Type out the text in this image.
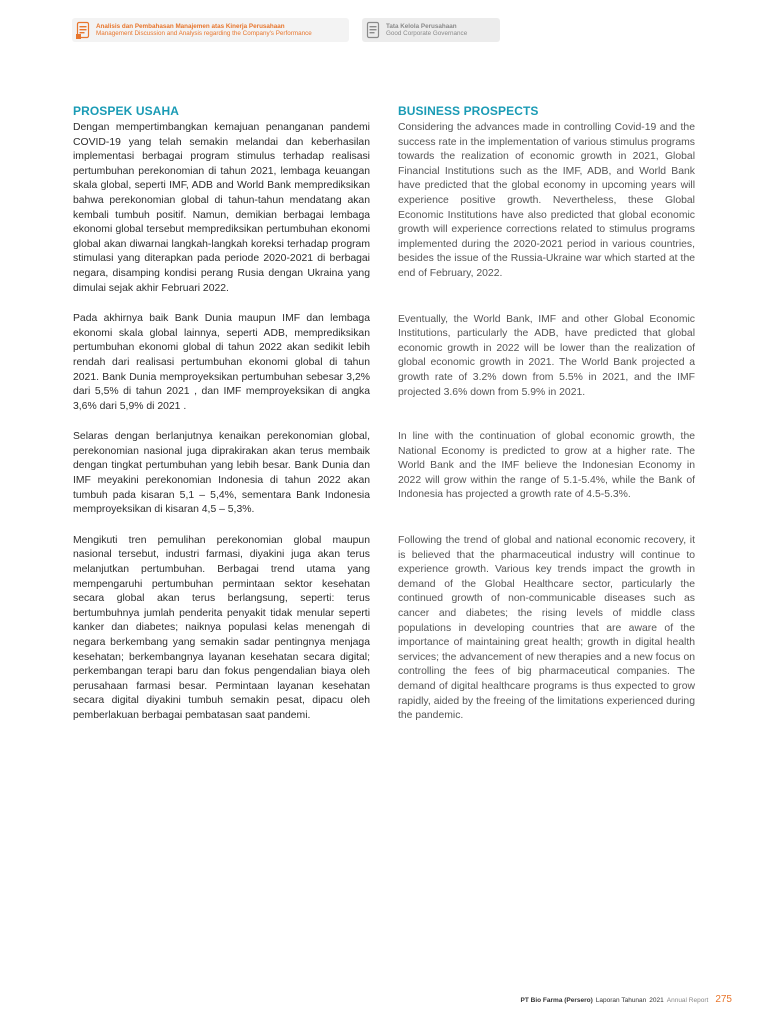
Analisis dan Pembahasan Manajemen atas Kinerja Perusahaan
Management Discussion and Analysis regarding the Company's Performance
Tata Kelola Perusahaan
Good Corporate Governance
PROSPEK USAHA

Dengan mempertimbangkan kemajuan penanganan pandemi COVID-19 yang telah semakin melandai dan keberhasilan implementasi berbagai program stimulus terhadap realisasi pertumbuhan perekonomian di tahun 2021, lembaga keuangan skala global, seperti IMF, ADB and World Bank memprediksikan bahwa perekonomian global di tahun-tahun mendatang akan kembali tumbuh positif. Namun, demikian berbagai lembaga ekonomi global tersebut memprediksikan pertumbuhan ekonomi global akan diwarnai langkah-langkah koreksi terhadap program stimulasi yang diterapkan pada periode 2020-2021 di berbagai negara, disamping kondisi perang Rusia dengan Ukraina yang dimulai sejak akhir Februari 2022.

Pada akhirnya baik Bank Dunia maupun IMF dan lembaga ekonomi skala global lainnya, seperti ADB, memprediksikan pertumbuhan ekonomi global di tahun 2022 akan sedikit lebih rendah dari realisasi pertumbuhan ekonomi global di tahun 2021. Bank Dunia memproyeksikan pertumbuhan sebesar 3,2% dari 5,5% di tahun 2021 , dan IMF memproyeksikan di angka 3,6% dari 5,9% di 2021 .

Selaras dengan berlanjutnya kenaikan perekonomian global, perekonomian nasional juga diprakirakan akan terus membaik dengan tingkat pertumbuhan yang lebih besar. Bank Dunia dan IMF meyakini perekonomian Indonesia di tahun 2022 akan tumbuh pada kisaran 5,1 – 5,4%, sementara Bank Indonesia memproyeksikan di kisaran 4,5 – 5,3%.

Mengikuti tren pemulihan perekonomian global maupun nasional tersebut, industri farmasi, diyakini juga akan terus melanjutkan pertumbuhan. Berbagai trend utama yang mempengaruhi pertumbuhan permintaan sektor kesehatan secara global akan terus berlangsung, seperti: terus bertumbuhnya jumlah penderita penyakit tidak menular seperti kanker dan diabetes; naiknya populasi kelas menengah di negara berkembang yang semakin sadar pentingnya menjaga kesehatan; berkembangnya layanan kesehatan secara digital; perkembangan terapi baru dan fokus pengendalian biaya oleh perusahaan farmasi besar. Permintaan layanan kesehatan secara digital diyakini tumbuh semakin pesat, dipacu oleh pemberlakuan berbagai pembatasan saat pandemi.

BUSINESS PROSPECTS

Considering the advances made in controlling Covid-19 and the success rate in the implementation of various stimulus programs towards the realization of economic growth in 2021, Global Financial Institutions such as the IMF, ADB, and World Bank have predicted that the global economy in upcoming years will experience positive growth. Nevertheless, these Global Economic Institutions have also predicted that global economic growth will experience corrections related to stimulus programs implemented during the 2020-2021 period in various countries, besides the issue of the Russia-Ukraine war which started at the end of February, 2022.

Eventually, the World Bank, IMF and other Global Economic Institutions, particularly the ADB, have predicted that global economic growth in 2022 will be lower than the realization of global economic growth in 2021. The World Bank projected a growth rate of 3.2% down from 5.5% in 2021, and the IMF projected 3.6% down from 5.9% in 2021.

In line with the continuation of global economic growth, the National Economy is predicted to grow at a higher rate. The World Bank and the IMF believe the Indonesian Economy in 2022 will grow within the range of 5.1-5.4%, while the Bank of Indonesia has projected a growth rate of 4.5-5.3%.

Following the trend of global and national economic recovery, it is believed that the pharmaceutical industry will continue to experience growth. Various key trends impact the growth in demand of the Global Healthcare sector, particularly the continued growth of non-communicable diseases such as cancer and diabetes; the rising levels of middle class populations in developing countries that are aware of the importance of maintaining great health; growth in digital health services; the advancement of new therapies and a new focus on controlling the fees of big pharmaceutical companies. The demand of digital healthcare programs is thus expected to grow rapidly, aided by the freeing of the limitations experienced during the pandemic.

PT Bio Farma (Persero) Laporan Tahunan 2021 Annual Report 275
